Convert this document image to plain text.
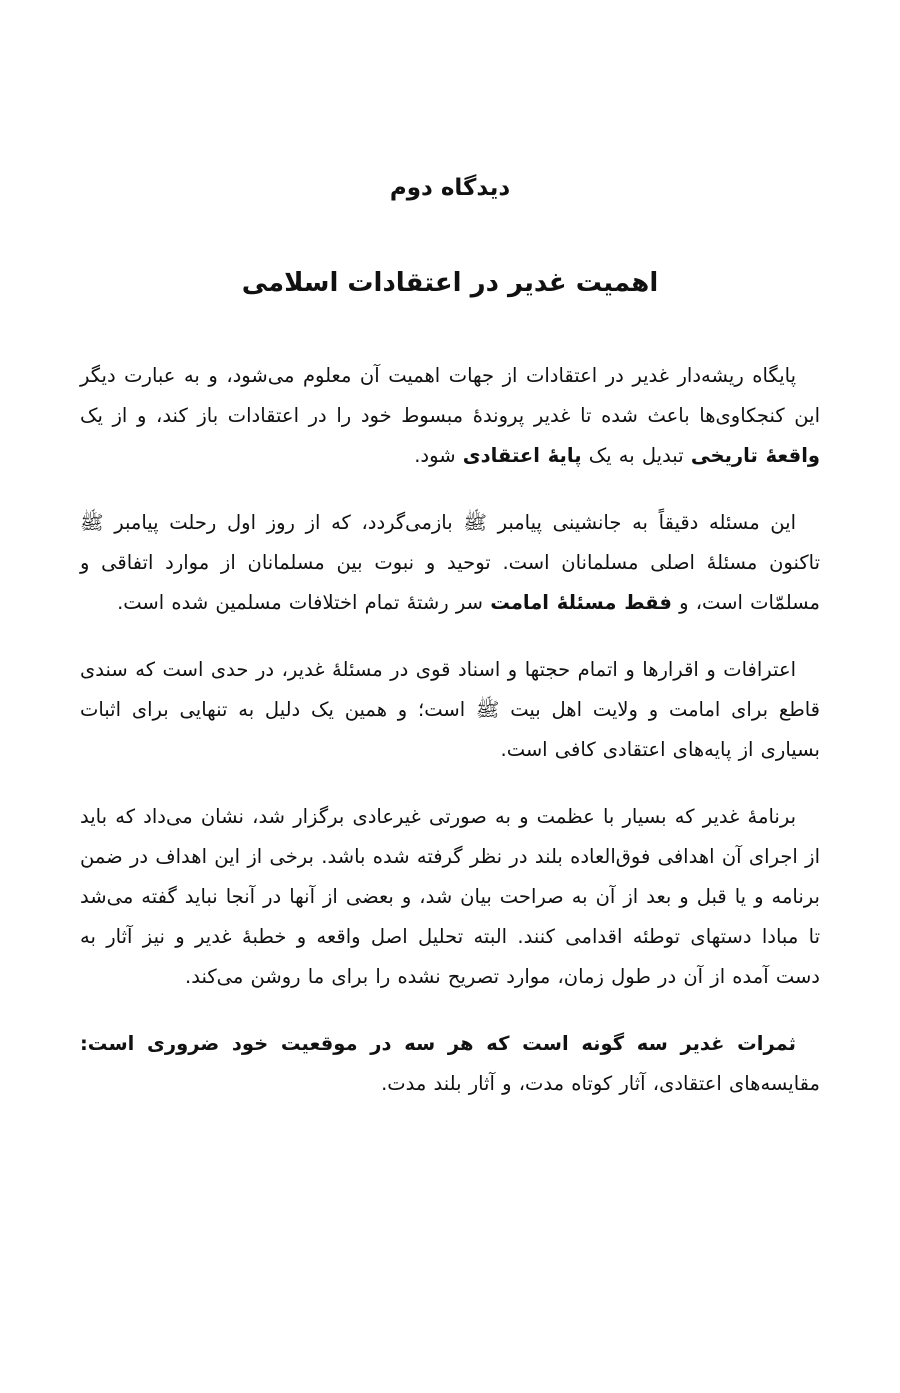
دیدگاه دوم
اهمیت غدیر در اعتقادات اسلامی

پایگاه ریشه‌دار غدیر در اعتقادات از جهات اهمیت آن معلوم می‌شود، و به عبارت دیگر این کنجکاوی‌ها باعث شده تا غدیر پروندهٔ مبسوط خود را در اعتقادات باز کند، و از یک واقعهٔ تاریخی تبدیل به یک پایهٔ اعتقادی شود.

این مسئله دقیقاً به جانشینی پیامبر ﷺ بازمی‌گردد، که از روز اول رحلت پیامبر ﷺ تاکنون مسئلهٔ اصلی مسلمانان است. توحید و نبوت بین مسلمانان از موارد اتفاقی و مسلمّات است، و فقط مسئلهٔ امامت سر رشتهٔ تمام اختلافات مسلمین شده است.

اعترافات و اقرارها و اتمام حجتها و اسناد قوی در مسئلهٔ غدیر، در حدی است که سندی قاطع برای امامت و ولایت اهل بیت ﷺ است؛ و همین یک دلیل به تنهایی برای اثبات بسیاری از پایه‌های اعتقادی کافی است.

برنامهٔ غدیر که بسیار با عظمت و به صورتی غیرعادی برگزار شد، نشان می‌داد که باید از اجرای آن اهدافی فوق‌العاده بلند در نظر گرفته شده باشد. برخی از این اهداف در ضمن برنامه و یا قبل و بعد از آن به صراحت بیان شد، و بعضی از آنها در آنجا نباید گفته می‌شد تا مبادا دستهای توطئه اقدامی کنند. البته تحلیل اصل واقعه و خطبهٔ غدیر و نیز آثار به دست آمده از آن در طول زمان، موارد تصریح نشده را برای ما روشن می‌کند.

ثمرات غدیر سه گونه است که هر سه در موقعیت خود ضروری است: مقایسه‌های اعتقادی، آثار کوتاه مدت، و آثار بلند مدت.
